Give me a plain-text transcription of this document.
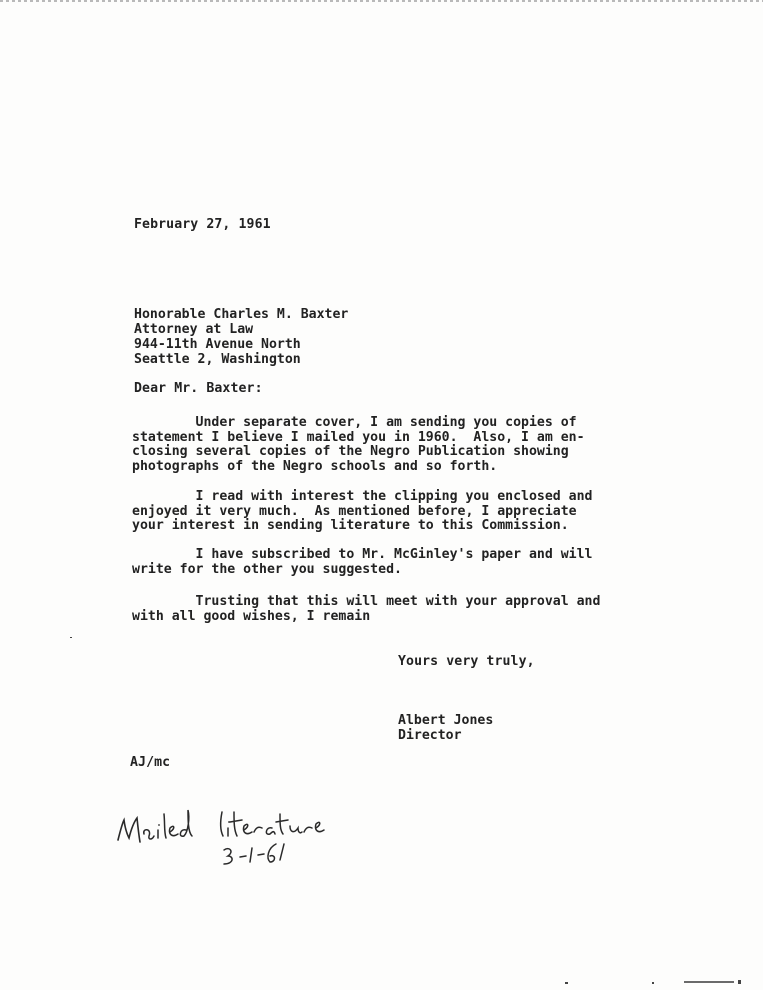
February 27, 1961
Honorable Charles M. Baxter
Attorney at Law
944-11th Avenue North
Seattle 2, Washington
Dear Mr. Baxter:
Under separate cover, I am sending you copies of
statement I believe I mailed you in 1960.  Also, I am en-
closing several copies of the Negro Publication showing
photographs of the Negro schools and so forth.
I read with interest the clipping you enclosed and
enjoyed it very much.  As mentioned before, I appreciate
your interest in sending literature to this Commission.
I have subscribed to Mr. McGinley's paper and will
write for the other you suggested.
Trusting that this will meet with your approval and
with all good wishes, I remain
Yours very truly,
Albert Jones
Director
AJ/mc
